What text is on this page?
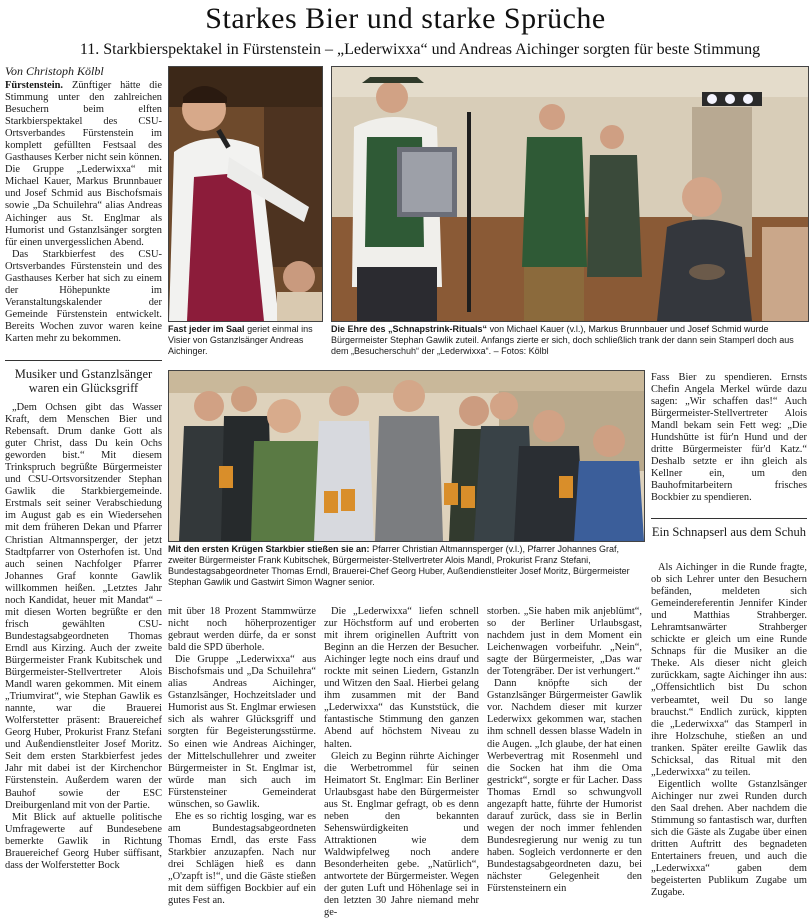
Starkes Bier und starke Sprüche
11. Starkbierspektakel in Fürstenstein – „Lederwixxa“ und Andreas Aichinger sorgten für beste Stimmung
Von Christoph Kölbl

Fürstenstein. Zünftiger hätte die Stimmung unter den zahlreichen Besuchern beim elften Starkbierspektakel des CSU-Ortsverbandes Fürstenstein im komplett gefüllten Festsaal des Gasthauses Kerber nicht sein können. Die Gruppe „Lederwixxa“ mit Michael Kauer, Markus Brunnbauer und Josef Schmid aus Bischofsmais sowie „Da Schuilehra“ alias Andreas Aichinger aus St. Englmar als Humorist und Gstanzlsänger sorgten für einen unvergesslichen Abend.

Das Starkbierfest des CSU-Ortsverbandes Fürstenstein und des Gasthauses Kerber hat sich zu einem der Höhepunkte im Veranstaltungskalender der Gemeinde Fürstenstein entwickelt. Bereits Wochen zuvor waren keine Karten mehr zu bekommen.

Fast jeder im Saal geriet einmal ins Visier von Gstanzlsänger Andreas Aichinger.
Die Ehre des „Schnapstrink-Rituals“ von Michael Kauer (v.l.), Markus Brunnbauer und Josef Schmid wurde Bürgermeister Stephan Gawlik zuteil. Anfangs zierte er sich, doch schließlich trank der dann sein Stamperl doch aus dem „Besucherschuh“ der „Lederwixxa“. – Fotos: Kölbl
Musiker und Gstanzlsänger waren ein Glücksgriff

„Dem Ochsen gibt das Wasser Kraft, dem Menschen Bier und Rebensaft. Drum danke Gott als guter Christ, dass Du kein Ochs geworden bist.“ Mit diesem Trinkspruch begrüßte Bürgermeister und CSU-Ortsvorsitzender Stephan Gawlik die Starkbiergemeinde. Erstmals seit seiner Verabschiedung im August gab es ein Wiedersehen mit dem früheren Dekan und Pfarrer Christian Altmannsperger, der jetzt Stadtpfarrer von Osterhofen ist. Und auch seinen Nachfolger Pfarrer Johannes Graf konnte Gawlik willkommen heißen. „Letztes Jahr noch Kandidat, heuer mit Mandat“ – mit diesen Worten begrüßte er den frisch gewählten CSU-Bundestagsabgeordneten Thomas Erndl aus Kirzing. Auch der zweite Bürgermeister Frank Kubitschek und Bürgermeister-Stellvertreter Alois Mandl waren gekommen. Mit einem „Triumvirat“, wie Stephan Gawlik es nannte, war die Brauerei Wolferstetter präsent: Brauereichef Georg Huber, Prokurist Franz Stefani und Außendienstleiter Josef Moritz. Seit dem ersten Starkbierfest jedes Jahr mit dabei ist der Kirchenchor Fürstenstein. Außerdem waren der Bauhof sowie der ESC Dreiburgenland mit von der Partie.

Mit Blick auf aktuelle politische Umfragewerte auf Bundesebene bemerkte Gawlik in Richtung Brauereichef Georg Huber süffisant, dass der Wolferstetter Bock

Mit den ersten Krügen Starkbier stießen sie an: Pfarrer Christian Altmannsperger (v.l.), Pfarrer Johannes Graf, zweiter Bürgermeister Frank Kubitschek, Bürgermeister-Stellvertreter Alois Mandl, Prokurist Franz Stefani, Bundestagsabgeordneter Thomas Erndl, Brauerei-Chef Georg Huber, Außendienstleiter Josef Moritz, Bürgermeister Stephan Gawlik und Gastwirt Simon Wagner senior.

mit über 18 Prozent Stammwürze nicht noch höherprozentiger gebraut werden dürfe, da er sonst bald die SPD überhole.

Die Gruppe „Lederwixxa“ aus Bischofsmais und „Da Schuilehra“ alias Andreas Aichinger, Gstanzlsänger, Hochzeitslader und Humorist aus St. Englmar erwiesen sich als wahrer Glücksgriff und sorgten für Begeisterungsstürme. So einen wie Andreas Aichinger, der Mittelschullehrer und zweiter Bürgermeister in St. Englmar ist, würde man sich auch im Fürstensteiner Gemeinderat wünschen, so Gawlik.

Ehe es so richtig losging, war es am Bundestagsabgeordneten Thomas Erndl, das erste Fass Starkbier anzuzapfen. Nach nur drei Schlägen hieß es dann „O'zapft is!“, und die Gäste stießen mit dem süffigen Bockbier auf ein gutes Fest an.

Die „Lederwixxa“ liefen schnell zur Höchstform auf und eroberten mit ihrem originellen Auftritt von Beginn an die Herzen der Besucher. Aichinger legte noch eins drauf und rockte mit seinen Liedern, Gstanzln und Witzen den Saal. Hierbei gelang ihm zusammen mit der Band „Lederwixxa“ das Kunststück, die fantastische Stimmung den ganzen Abend auf höchstem Niveau zu halten.

Gleich zu Beginn rührte Aichinger die Werbetrommel für seinen Heimatort St. Englmar: Ein Berliner Urlaubsgast habe den Bürgermeister aus St. Englmar gefragt, ob es denn neben den bekannten Sehenswürdigkeiten und Attraktionen wie dem Waldwipfelweg noch andere Besonderheiten gebe. „Natürlich“, antwortete der Bürgermeister. Wegen der guten Luft und Höhenlage sei in den letzten 30 Jahre niemand mehr ge-

storben. „Sie haben mik anjeblümt“, so der Berliner Urlaubsgast, nachdem just in dem Moment ein Leichenwagen vorbeifuhr. „Nein“, sagte der Bürgermeister, „Das war der Totengräber. Der ist verhungert.“

Dann knöpfte sich der Gstanzlsänger Bürgermeister Gawlik vor. Nachdem dieser mit kurzer Lederwixx gekommen war, stachen ihm schnell dessen blasse Wadeln in die Augen. „Ich glaube, der hat einen Werbevertrag mit Rosenmehl und die Socken hat ihm die Oma gestrickt“, sorgte er für Lacher. Dass Thomas Erndl so schwungvoll angezapft hatte, führte der Humorist darauf zurück, dass sie in Berlin wegen der noch immer fehlenden Bundesregierung nur wenig zu tun haben. Sogleich verdonnerte er den Bundestagsabgeordneten dazu, bei nächster Gelegenheit den Fürstensteinern ein

Fass Bier zu spendieren. Ernsts Chefin Angela Merkel würde dazu sagen: „Wir schaffen das!“ Auch Bürgermeister-Stellvertreter Alois Mandl bekam sein Fett weg: „Die Hundshütte ist für'n Hund und der dritte Bürgermeister für'd Katz.“ Deshalb setzte er ihn gleich als Kellner ein, um den Bauhofmitarbeitern frisches Bockbier zu spendieren.

Ein Schnapserl aus dem Schuh

Als Aichinger in die Runde fragte, ob sich Lehrer unter den Besuchern befänden, meldeten sich Gemeindereferentin Jennifer Kinder und Matthias Strahberger. Lehramtsanwärter Strahberger schickte er gleich um eine Runde Schnaps für die Musiker an die Theke. Als dieser nicht gleich zurückkam, sagte Aichinger ihn aus: „Offensichtlich bist Du schon verbeamtet, weil Du so lange brauchst.“ Endlich zurück, kippten die „Lederwixxa“ das Stamperl in ihre Holzschuhe, stießen an und tranken. Später ereilte Gawlik das Schicksal, das Ritual mit den „Lederwixxa“ zu teilen.

Eigentlich wollte Gstanzlsänger Aichinger nur zwei Runden durch den Saal drehen. Aber nachdem die Stimmung so fantastisch war, durften sich die Gäste als Zugabe über einen dritten Auftritt des begnadeten Entertainers freuen, und auch die „Lederwixxa“ gaben dem begeisterten Publikum Zugabe um Zugabe.
